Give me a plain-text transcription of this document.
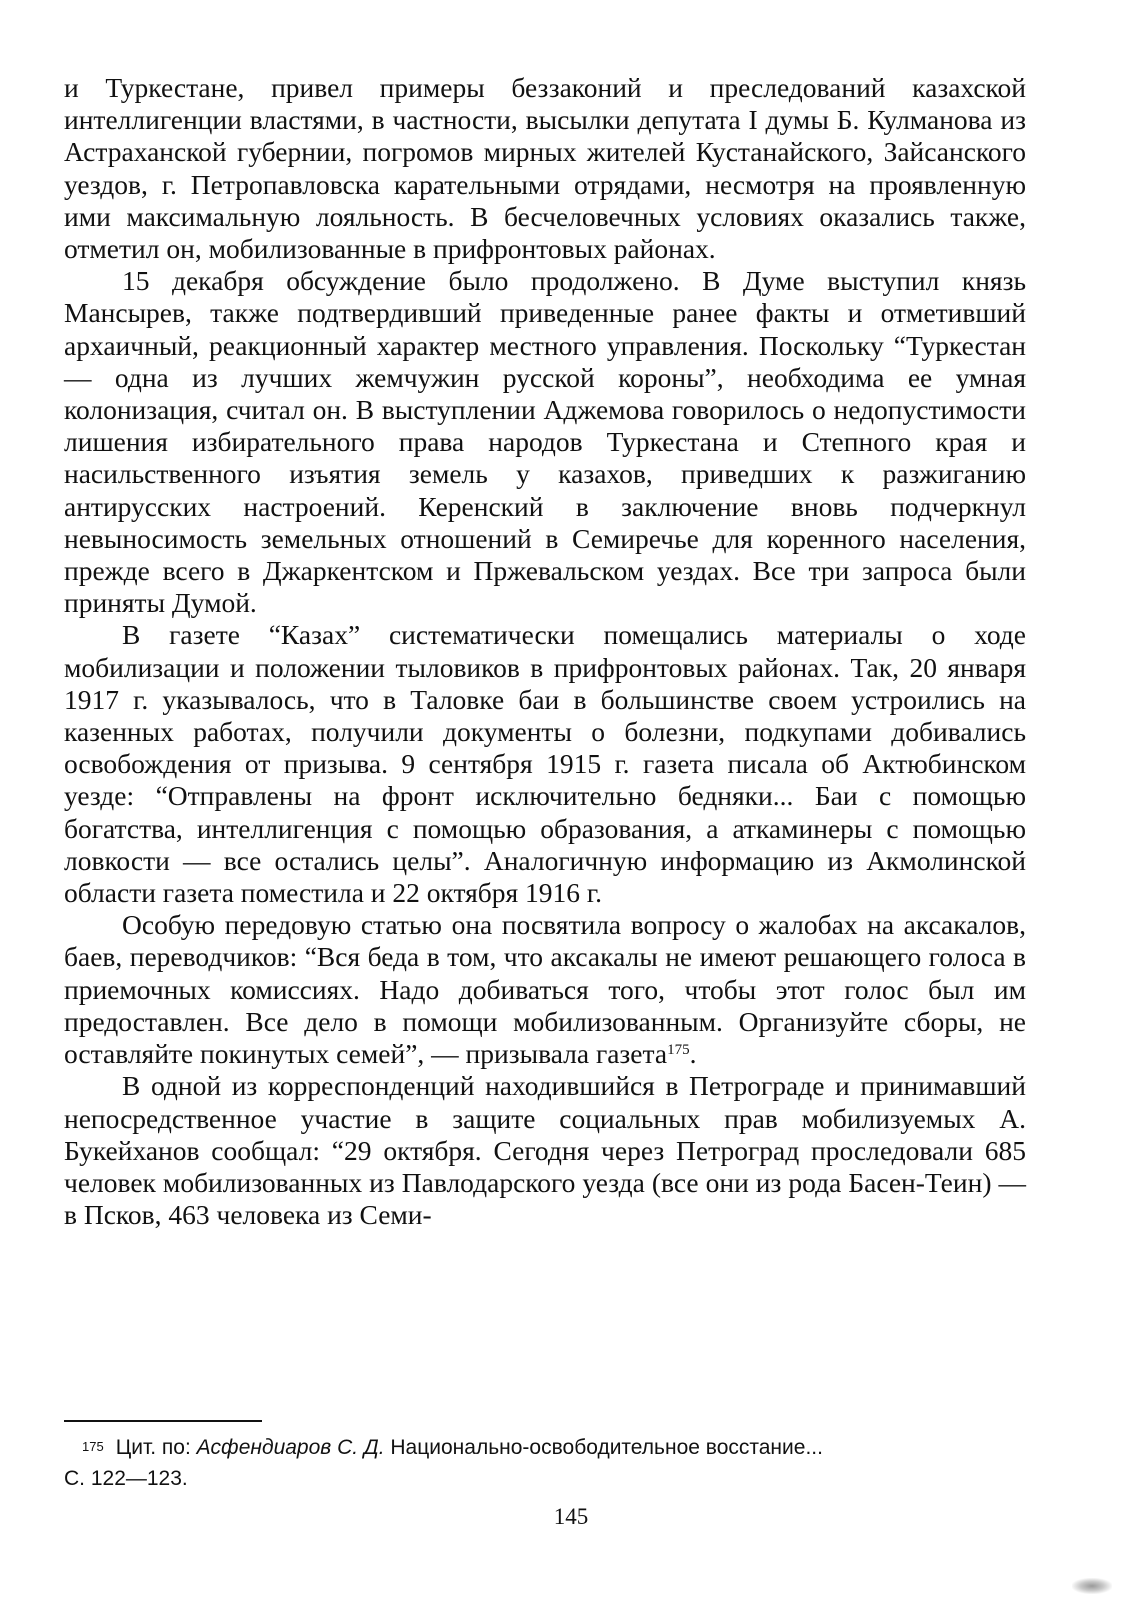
и Туркестане, привел примеры беззаконий и преследований казахской интеллигенции властями, в частности, высылки депутата I думы Б. Кулманова из Астраханской губернии, погромов мирных жителей Кустанайского, Зайсанского уездов, г. Петропавловска карательными отрядами, несмотря на проявленную ими максимальную лояльность. В бесчеловечных условиях оказались также, отметил он, мобилизованные в прифронтовых районах.

15 декабря обсуждение было продолжено. В Думе выступил князь Мансырев, также подтвердивший приведенные ранее факты и отметивший архаичный, реакционный характер местного управления. Поскольку “Туркестан — одна из лучших жемчужин русской короны”, необходима ее умная колонизация, считал он. В выступлении Аджемова говорилось о недопустимости лишения избирательного права народов Туркестана и Степного края и насильственного изъятия земель у казахов, приведших к разжиганию антирусских настроений. Керенский в заключение вновь подчеркнул невыносимость земельных отношений в Семиречье для коренного населения, прежде всего в Джаркентском и Пржевальском уездах. Все три запроса были приняты Думой.

В газете “Казах” систематически помещались материалы о ходе мобилизации и положении тыловиков в прифронтовых районах. Так, 20 января 1917 г. указывалось, что в Таловке баи в большинстве своем устроились на казенных работах, получили документы о болезни, подкупами добивались освобождения от призыва. 9 сентября 1915 г. газета писала об Актюбинском уезде: “Отправлены на фронт исключительно бедняки... Баи с помощью богатства, интеллигенция с помощью образования, а аткаминеры с помощью ловкости — все остались целы”. Аналогичную информацию из Акмолинской области газета поместила и 22 октября 1916 г.

Особую передовую статью она посвятила вопросу о жалобах на аксакалов, баев, переводчиков: “Вся беда в том, что аксакалы не имеют решающего голоса в приемочных комиссиях. Надо добиваться того, чтобы этот голос был им предоставлен. Все дело в помощи мобилизованным. Организуйте сборы, не оставляйте покинутых семей”, — призывала газета$^{175}$.

В одной из корреспонденций находившийся в Петрограде и принимавший непосредственное участие в защите социальных прав мобилизуемых А. Букейханов сообщал: “29 октября. Сегодня через Петроград проследовали 685 человек мобилизованных из Павлодарского уезда (все они из рода Басен-Теин) — в Псков, 463 человека из Семи-

$^{175}$ Цит. по: Асфендиаров С. Д. Национально-освободительное восстание...
С. 122—123.
145
